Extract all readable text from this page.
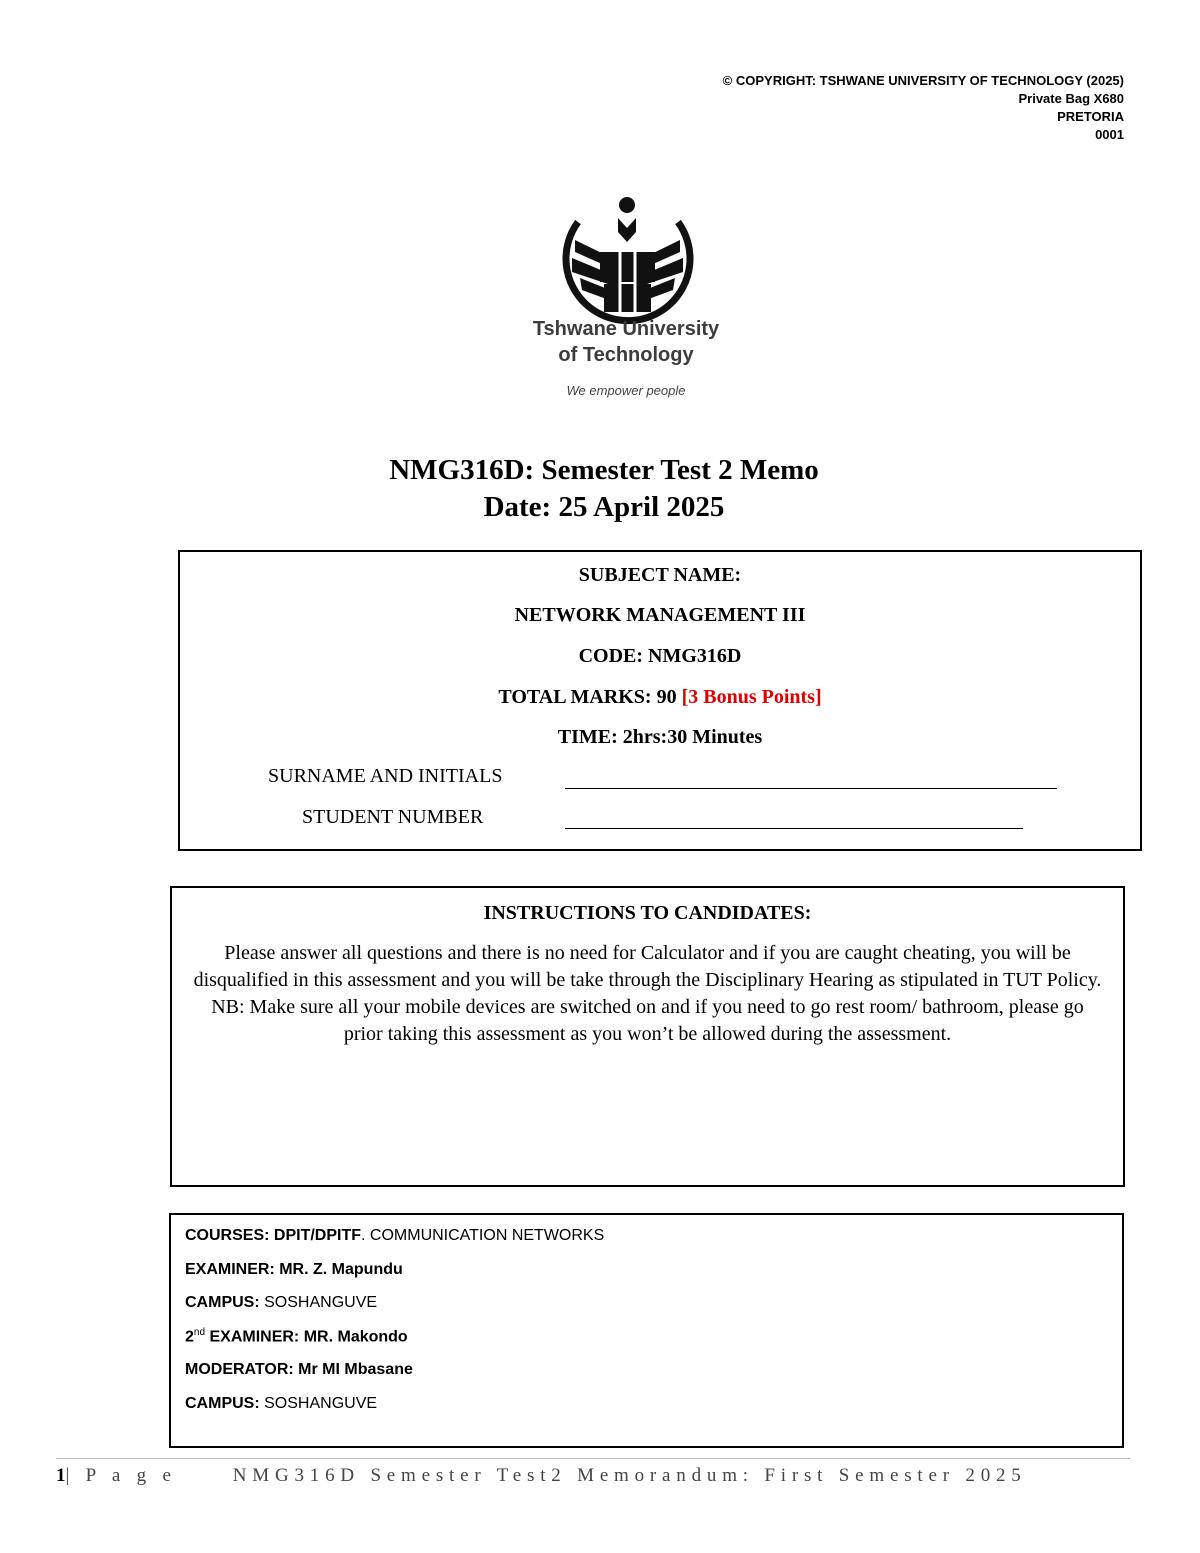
© COPYRIGHT: TSHWANE UNIVERSITY OF TECHNOLOGY (2025)
Private Bag X680
PRETORIA
0001
Tshwane University
of Technology
We empower people
NMG316D: Semester Test 2 Memo
Date: 25 April 2025
SUBJECT NAME:
NETWORK MANAGEMENT III
CODE: NMG316D
TOTAL MARKS: 90 [3 Bonus Points]
TIME: 2hrs:30 Minutes
SURNAME AND INITIALS
STUDENT NUMBER
INSTRUCTIONS TO CANDIDATES:
Please answer all questions and there is no need for Calculator and if you are caught cheating, you will be disqualified in this assessment and you will be take through the Disciplinary Hearing as stipulated in TUT Policy. NB: Make sure all your mobile devices are switched on and if you need to go rest room/ bathroom, please go prior taking this assessment as you won’t be allowed during the assessment.
COURSES: DPIT/DPITF. COMMUNICATION NETWORKS
EXAMINER: MR. Z. Mapundu
CAMPUS: SOSHANGUVE
2nd EXAMINER: MR. Makondo
MODERATOR: Mr MI Mbasane
CAMPUS: SOSHANGUVE
1| P a g e	NMG316D Semester Test2 Memorandum: First Semester 2025
